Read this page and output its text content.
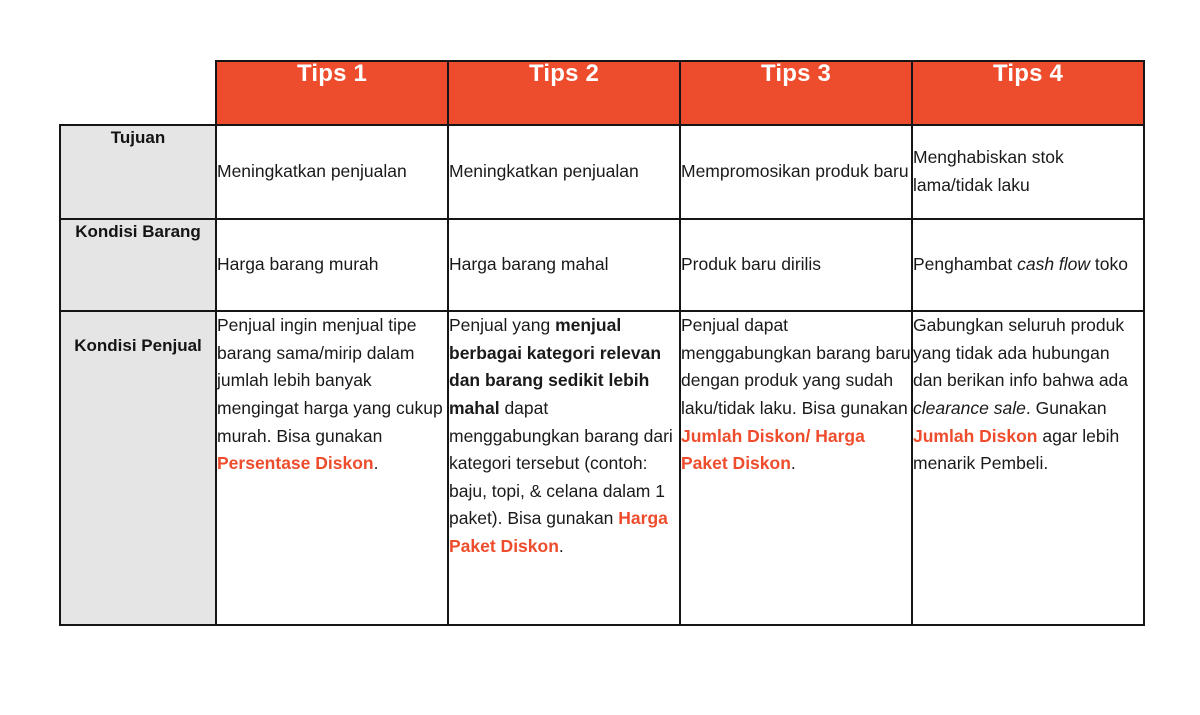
	Tips 1	Tips 2	Tips 3	Tips 4

Tujuan	Meningkatkan penjualan	Meningkatkan penjualan	Mempromosikan produk baru	Menghabiskan stok lama/tidak laku

Kondisi Barang	Harga barang murah	Harga barang mahal	Produk baru dirilis	Penghambat cash flow toko

Kondisi Penjual	Penjual ingin menjual tipe barang sama/mirip dalam jumlah lebih banyak mengingat harga yang cukup murah. Bisa gunakan Persentase Diskon.	Penjual yang menjual berbagai kategori relevan dan barang sedikit lebih mahal dapat menggabungkan barang dari kategori tersebut (contoh: baju, topi, & celana dalam 1 paket). Bisa gunakan Harga Paket Diskon.	Penjual dapat menggabungkan barang baru dengan produk yang sudah laku/tidak laku. Bisa gunakan Jumlah Diskon/ Harga Paket Diskon.	Gabungkan seluruh produk yang tidak ada hubungan dan berikan info bahwa ada clearance sale. Gunakan Jumlah Diskon agar lebih menarik Pembeli.
